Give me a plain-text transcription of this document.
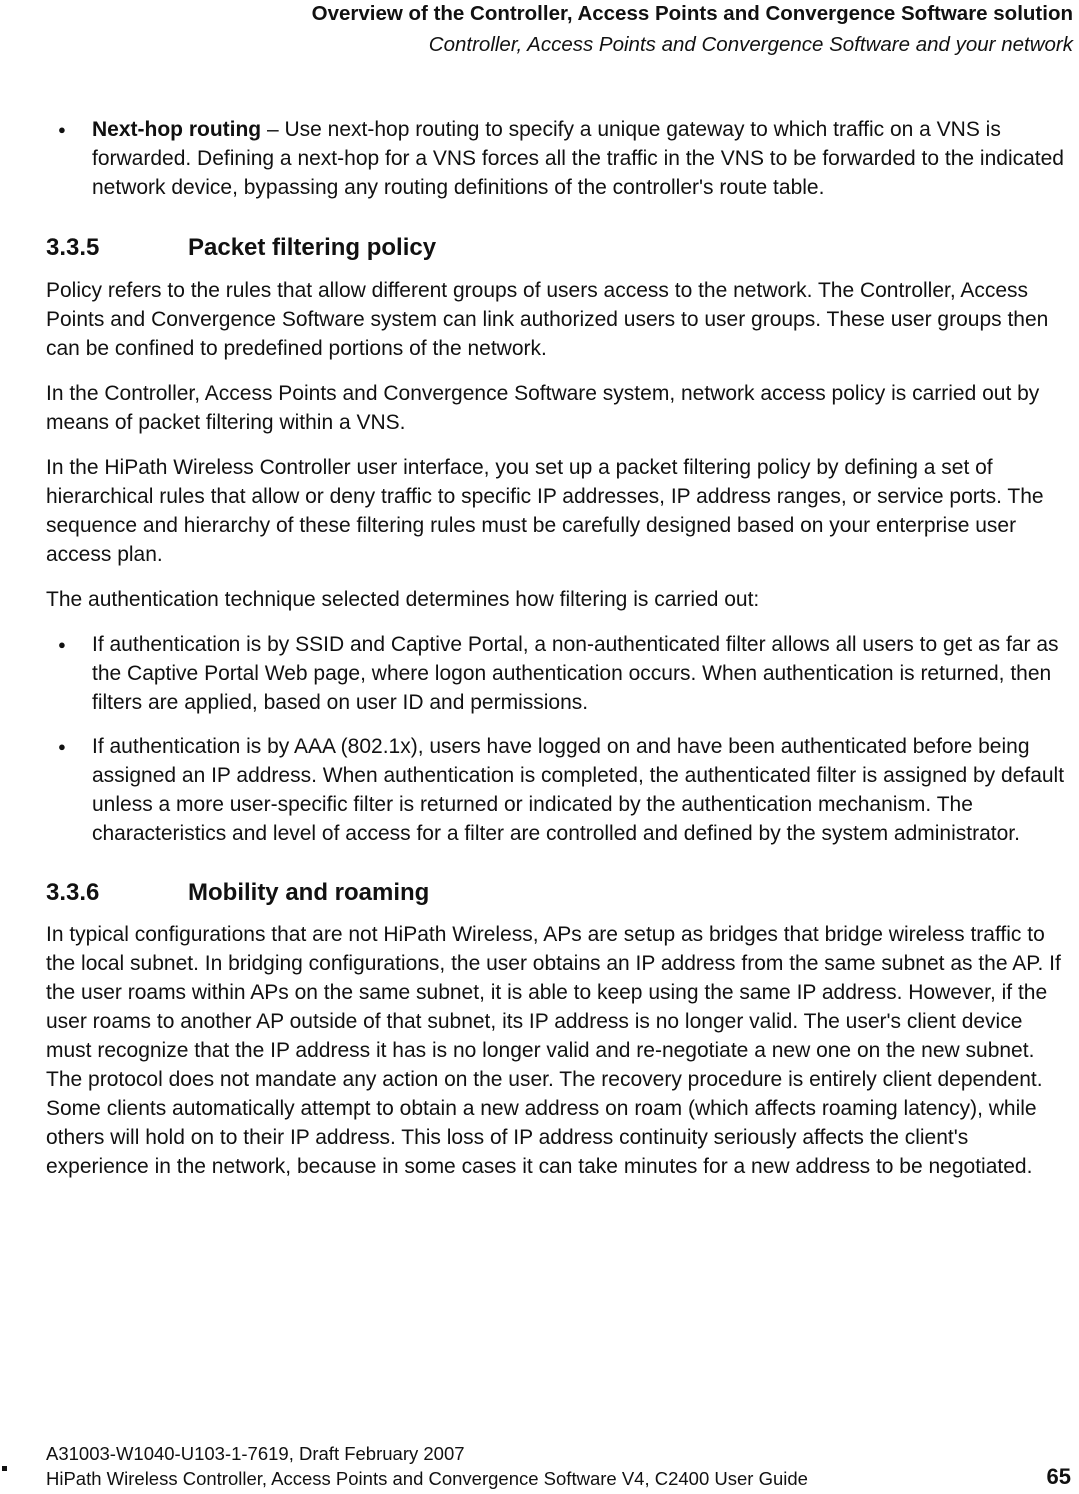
Overview of the Controller, Access Points and Convergence Software solution
Controller, Access Points and Convergence Software and your network
● Next-hop routing – Use next-hop routing to specify a unique gateway to which traffic on a VNS is forwarded. Defining a next-hop for a VNS forces all the traffic in the VNS to be forwarded to the indicated network device, bypassing any routing definitions of the controller's route table.

3.3.5	Packet filtering policy

Policy refers to the rules that allow different groups of users access to the network. The Controller, Access Points and Convergence Software system can link authorized users to user groups. These user groups then can be confined to predefined portions of the network.

In the Controller, Access Points and Convergence Software system, network access policy is carried out by means of packet filtering within a VNS.

In the HiPath Wireless Controller user interface, you set up a packet filtering policy by defining a set of hierarchical rules that allow or deny traffic to specific IP addresses, IP address ranges, or service ports. The sequence and hierarchy of these filtering rules must be carefully designed based on your enterprise user access plan.

The authentication technique selected determines how filtering is carried out:

● If authentication is by SSID and Captive Portal, a non-authenticated filter allows all users to get as far as the Captive Portal Web page, where logon authentication occurs. When authentication is returned, then filters are applied, based on user ID and permissions.

● If authentication is by AAA (802.1x), users have logged on and have been authenticated before being assigned an IP address. When authentication is completed, the authenticated filter is assigned by default unless a more user-specific filter is returned or indicated by the authentication mechanism. The characteristics and level of access for a filter are controlled and defined by the system administrator.

3.3.6	Mobility and roaming

In typical configurations that are not HiPath Wireless, APs are setup as bridges that bridge wireless traffic to the local subnet. In bridging configurations, the user obtains an IP address from the same subnet as the AP. If the user roams within APs on the same subnet, it is able to keep using the same IP address. However, if the user roams to another AP outside of that subnet, its IP address is no longer valid. The user's client device must recognize that the IP address it has is no longer valid and re-negotiate a new one on the new subnet. The protocol does not mandate any action on the user. The recovery procedure is entirely client dependent. Some clients automatically attempt to obtain a new address on roam (which affects roaming latency), while others will hold on to their IP address. This loss of IP address continuity seriously affects the client's experience in the network, because in some cases it can take minutes for a new address to be negotiated.

A31003-W1040-U103-1-7619, Draft February 2007
HiPath Wireless Controller, Access Points and Convergence Software V4, C2400 User Guide	65
